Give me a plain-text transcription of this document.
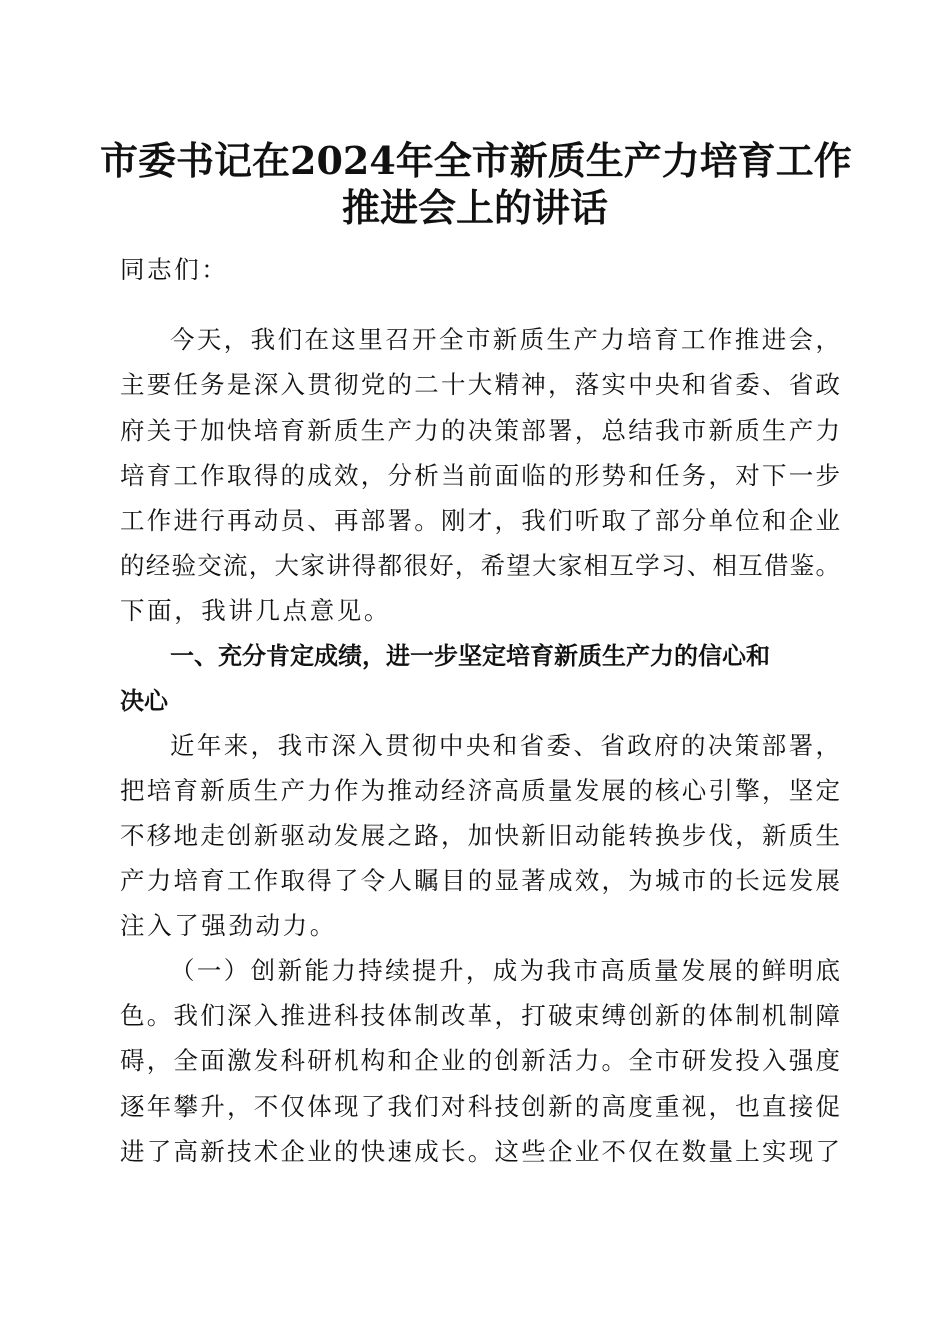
市委书记在2024年全市新质生产力培育工作
推进会上的讲话
同志们：
今天，我们在这里召开全市新质生产力培育工作推进会，
主要任务是深入贯彻党的二十大精神，落实中央和省委、省政
府关于加快培育新质生产力的决策部署，总结我市新质生产力
培育工作取得的成效，分析当前面临的形势和任务，对下一步
工作进行再动员、再部署。刚才，我们听取了部分单位和企业
的经验交流，大家讲得都很好，希望大家相互学习、相互借鉴。
下面，我讲几点意见。
一、充分肯定成绩，进一步坚定培育新质生产力的信心和
决心
近年来，我市深入贯彻中央和省委、省政府的决策部署，
把培育新质生产力作为推动经济高质量发展的核心引擎，坚定
不移地走创新驱动发展之路，加快新旧动能转换步伐，新质生
产力培育工作取得了令人瞩目的显著成效，为城市的长远发展
注入了强劲动力。
（一）创新能力持续提升，成为我市高质量发展的鲜明底
色。我们深入推进科技体制改革，打破束缚创新的体制机制障
碍，全面激发科研机构和企业的创新活力。全市研发投入强度
逐年攀升，不仅体现了我们对科技创新的高度重视，也直接促
进了高新技术企业的快速成长。这些企业不仅在数量上实现了
